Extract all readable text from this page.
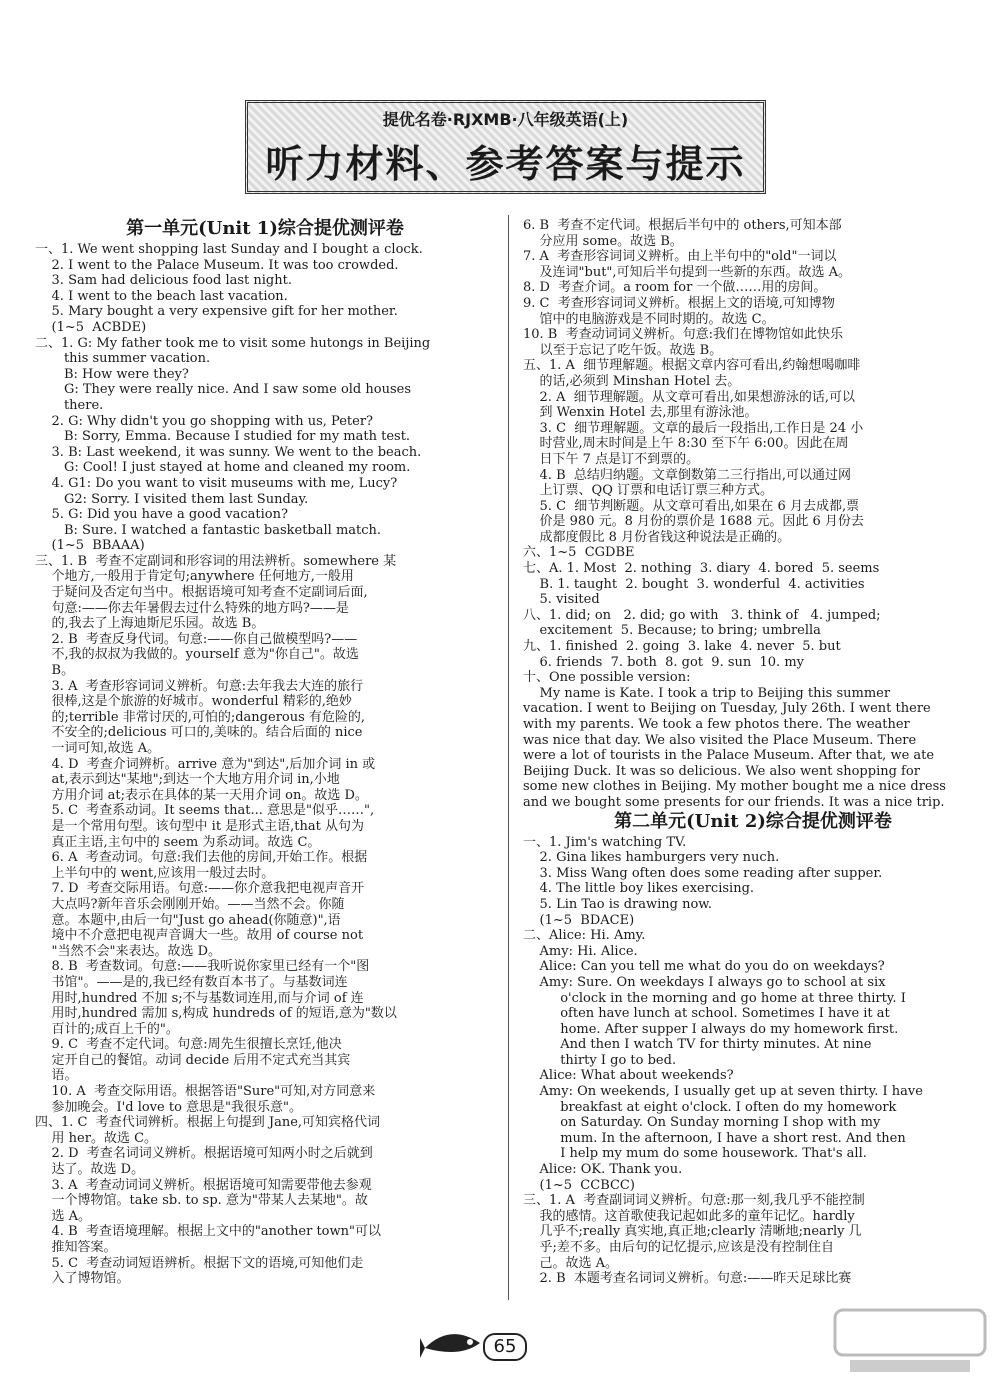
提优名卷·RJXMB·八年级英语(上)
听力材料、参考答案与提示

第一单元(Unit 1)综合提优测评卷

一、1. We went shopping last Sunday and I bought a clock.

2. I went to the Palace Museum. It was too crowded.

3. Sam had delicious food last night.

4. I went to the beach last vacation.

5. Mary bought a very expensive gift for her mother.

(1~5  ACBDE)

二、1. G: My father took me to visit some hutongs in Beijing

this summer vacation.

B: How were they?

G: They were really nice. And I saw some old houses

there.

2. G: Why didn't you go shopping with us, Peter?

B: Sorry, Emma. Because I studied for my math test.

3. B: Last weekend, it was sunny. We went to the beach.

G: Cool! I just stayed at home and cleaned my room.

4. G1: Do you want to visit museums with me, Lucy?

G2: Sorry. I visited them last Sunday.

5. G: Did you have a good vacation?

B: Sure. I watched a fantastic basketball match.

(1~5  BBAAA)

三、1. B  考查不定副词和形容词的用法辨析。somewhere 某

个地方,一般用于肯定句;anywhere 任何地方,一般用

于疑问及否定句当中。根据语境可知考查不定副词后面,

句意:——你去年暑假去过什么特殊的地方吗?——是

的,我去了上海迪斯尼乐园。故选 B。

2. B  考查反身代词。句意:——你自己做模型吗?——

不,我的叔叔为我做的。yourself 意为"你自己"。故选

B。

3. A  考查形容词词义辨析。句意:去年我去大连的旅行

很棒,这是个旅游的好城市。wonderful 精彩的,绝妙

的;terrible 非常讨厌的,可怕的;dangerous 有危险的,

不安全的;delicious 可口的,美味的。结合后面的 nice

一词可知,故选 A。

4. D  考查介词辨析。arrive 意为"到达",后加介词 in 或

at,表示到达"某地";到达一个大地方用介词 in,小地

方用介词 at;表示在具体的某一天用介词 on。故选 D。

5. C  考查系动词。It seems that... 意思是"似乎……",

是一个常用句型。该句型中 it 是形式主语,that 从句为

真正主语,主句中的 seem 为系动词。故选 C。

6. A  考查动词。句意:我们去他的房间,开始工作。根据

上半句中的 went,应该用一般过去时。

7. D  考查交际用语。句意:——你介意我把电视声音开

大点吗?新年音乐会刚刚开始。——当然不会。你随

意。本题中,由后一句"Just go ahead(你随意)",语

境中不介意把电视声音调大一些。故用 of course not

"当然不会"来表达。故选 D。

8. B  考查数词。句意:——我听说你家里已经有一个"图

书馆"。——是的,我已经有数百本书了。与基数词连

用时,hundred 不加 s;不与基数词连用,而与介词 of 连

用时,hundred 需加 s,构成 hundreds of 的短语,意为"数以

百计的;成百上千的"。

9. C  考查不定代词。句意:周先生很擅长烹饪,他决

定开自己的餐馆。动词 decide 后用不定式充当其宾

语。

10. A  考查交际用语。根据答语"Sure"可知,对方同意来

参加晚会。I'd love to 意思是"我很乐意"。

四、1. C  考查代词辨析。根据上句提到 Jane,可知宾格代词

用 her。故选 C。

2. D  考查名词词义辨析。根据语境可知两小时之后就到

达了。故选 D。

3. A  考查动词词义辨析。根据语境可知需要带他去参观

一个博物馆。take sb. to sp. 意为"带某人去某地"。故

选 A。

4. B  考查语境理解。根据上文中的"another town"可以

推知答案。

5. C  考查动词短语辨析。根据下文的语境,可知他们走

入了博物馆。

6. B  考查不定代词。根据后半句中的 others,可知本部

分应用 some。故选 B。

7. A  考查形容词词义辨析。由上半句中的"old"一词以

及连词"but",可知后半句提到一些新的东西。故选 A。

8. D  考查介词。a room for 一个做……用的房间。

9. C  考查形容词词义辨析。根据上文的语境,可知博物

馆中的电脑游戏是不同时期的。故选 C。

10. B  考查动词词义辨析。句意:我们在博物馆如此快乐

以至于忘记了吃午饭。故选 B。

五、1. A  细节理解题。根据文章内容可看出,约翰想喝咖啡

的话,必须到 Minshan Hotel 去。

2. A  细节理解题。从文章可看出,如果想游泳的话,可以

到 Wenxin Hotel 去,那里有游泳池。

3. C  细节理解题。文章的最后一段指出,工作日是 24 小

时营业,周末时间是上午 8:30 至下午 6:00。因此在周

日下午 7 点是订不到票的。

4. B  总结归纳题。文章倒数第二三行指出,可以通过网

上订票、QQ 订票和电话订票三种方式。

5. C  细节判断题。从文章可看出,如果在 6 月去成都,票

价是 980 元。8 月份的票价是 1688 元。因此 6 月份去

成都度假比 8 月份省钱这种说法是正确的。

六、1~5  CGDBE

七、A. 1. Most  2. nothing  3. diary  4. bored  5. seems

B. 1. taught  2. bought  3. wonderful  4. activities

5. visited

八、1. did; on   2. did; go with   3. think of   4. jumped;

excitement  5. Because; to bring; umbrella

九、1. finished  2. going  3. lake  4. never  5. but

6. friends  7. both  8. got  9. sun  10. my

十、One possible version:

My name is Kate. I took a trip to Beijing this summer

vacation. I went to Beijing on Tuesday, July 26th. I went there

with my parents. We took a few photos there. The weather

was nice that day. We also visited the Place Museum. There

were a lot of tourists in the Palace Museum. After that, we ate

Beijing Duck. It was so delicious. We also went shopping for

some new clothes in Beijing. My mother bought me a nice dress

and we bought some presents for our friends. It was a nice trip.

第二单元(Unit 2)综合提优测评卷

一、1. Jim's watching TV.

2. Gina likes hamburgers very nuch.

3. Miss Wang often does some reading after supper.

4. The little boy likes exercising.

5. Lin Tao is drawing now.

(1~5  BDACE)

二、Alice: Hi. Amy.

Amy: Hi. Alice.

Alice: Can you tell me what do you do on weekdays?

Amy: Sure. On weekdays I always go to school at six

o'clock in the morning and go home at three thirty. I

often have lunch at school. Sometimes I have it at

home. After supper I always do my homework first.

And then I watch TV for thirty minutes. At nine

thirty I go to bed.

Alice: What about weekends?

Amy: On weekends, I usually get up at seven thirty. I have

breakfast at eight o'clock. I often do my homework

on Saturday. On Sunday morning I shop with my

mum. In the afternoon, I have a short rest. And then

I help my mum do some housework. That's all.

Alice: OK. Thank you.

(1~5  CCBCC)

三、1. A  考查副词词义辨析。句意:那一刻,我几乎不能控制

我的感情。这首歌使我记起如此多的童年记忆。hardly

几乎不;really 真实地,真正地;clearly 清晰地;nearly 几

乎;差不多。由后句的记忆提示,应该是没有控制住自

己。故选 A。

2. B  本题考查名词词义辨析。句意:——昨天足球比赛

65
